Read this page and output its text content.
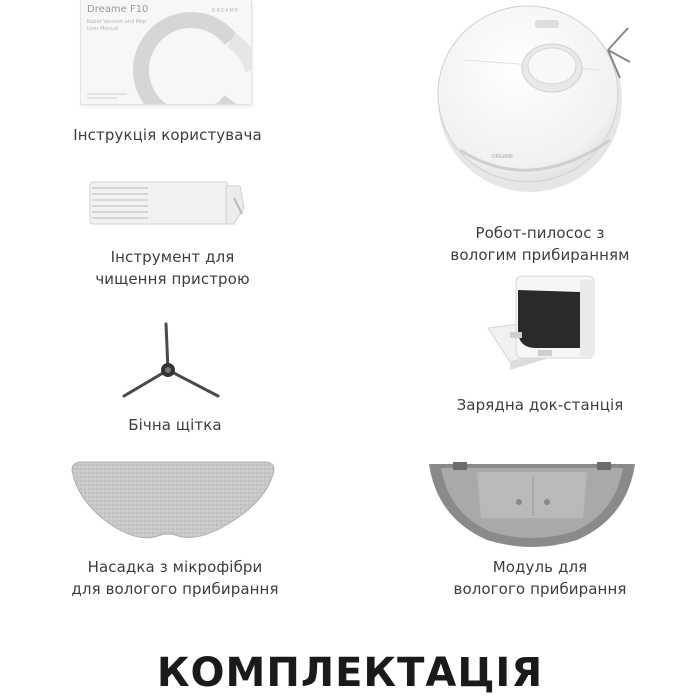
Dreame F10
Robot Vacuum and Mop
User Manual
DREAME
Інструкція користувача
DREAME
Робот-пилосос з
вологим прибиранням
Інструмент для
чищення пристрою
Зарядна док-станція
Бічна щітка
Насадка з мікрофібри
для вологого прибирання
Модуль для
вологого прибирання
КОМПЛЕКТАЦІЯ
